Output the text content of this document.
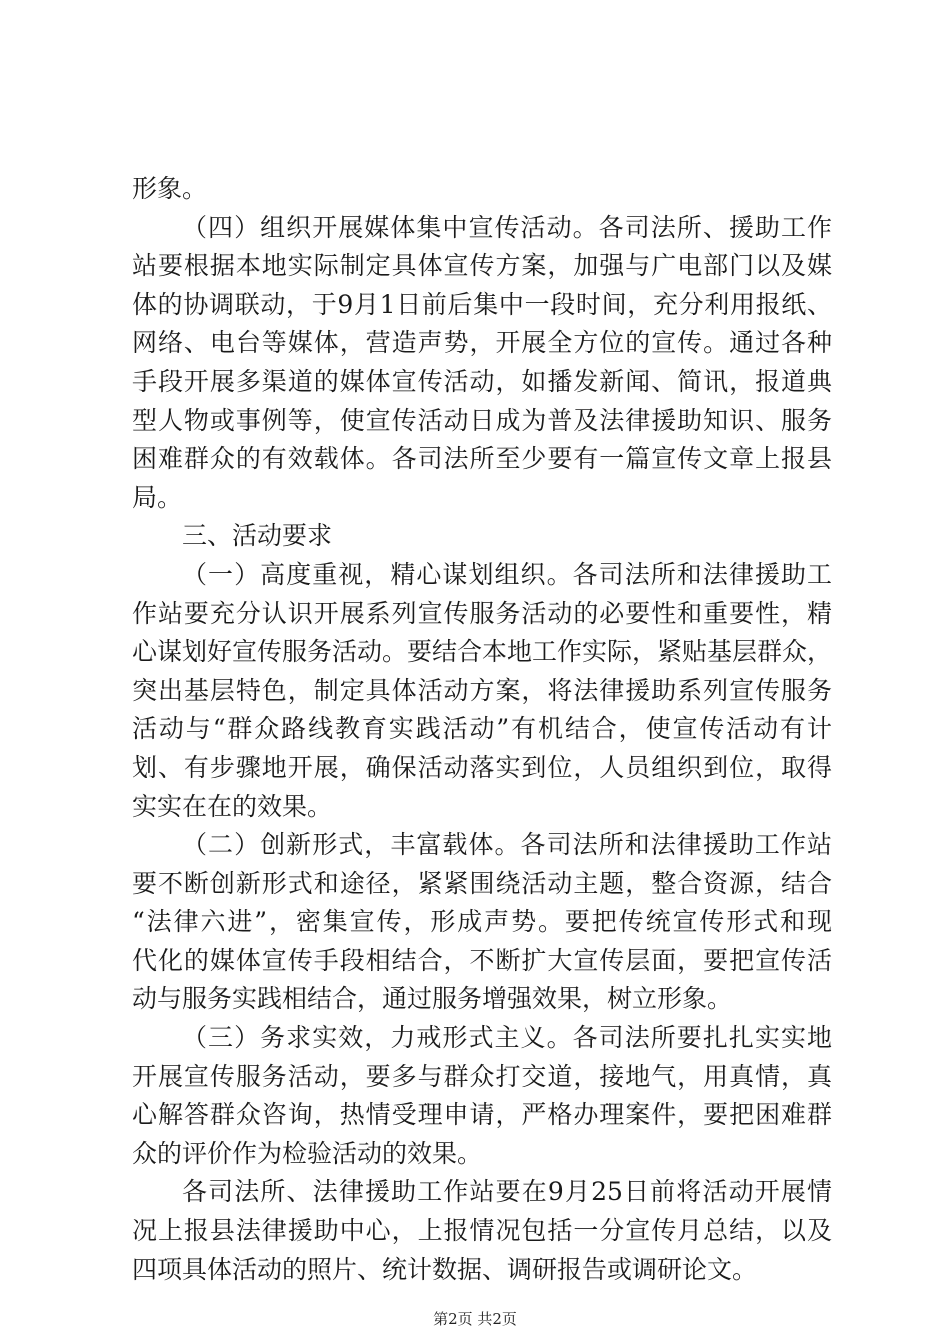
形象。
（四）组织开展媒体集中宣传活动。各司法所、援助工作
站要根据本地实际制定具体宣传方案，加强与广电部门以及媒
体的协调联动，于9月1日前后集中一段时间，充分利用报纸、
网络、电台等媒体，营造声势，开展全方位的宣传。通过各种
手段开展多渠道的媒体宣传活动，如播发新闻、简讯，报道典
型人物或事例等，使宣传活动日成为普及法律援助知识、服务
困难群众的有效载体。各司法所至少要有一篇宣传文章上报县
局。
三、活动要求
（一）高度重视，精心谋划组织。各司法所和法律援助工
作站要充分认识开展系列宣传服务活动的必要性和重要性，精
心谋划好宣传服务活动。要结合本地工作实际，紧贴基层群众，
突出基层特色，制定具体活动方案，将法律援助系列宣传服务
活动与“群众路线教育实践活动”有机结合，使宣传活动有计
划、有步骤地开展，确保活动落实到位，人员组织到位，取得
实实在在的效果。
（二）创新形式，丰富载体。各司法所和法律援助工作站
要不断创新形式和途径，紧紧围绕活动主题，整合资源，结合
“法律六进”，密集宣传，形成声势。要把传统宣传形式和现
代化的媒体宣传手段相结合，不断扩大宣传层面，要把宣传活
动与服务实践相结合，通过服务增强效果，树立形象。
（三）务求实效，力戒形式主义。各司法所要扎扎实实地
开展宣传服务活动，要多与群众打交道，接地气，用真情，真
心解答群众咨询，热情受理申请，严格办理案件，要把困难群
众的评价作为检验活动的效果。
各司法所、法律援助工作站要在9月25日前将活动开展情
况上报县法律援助中心，上报情况包括一分宣传月总结，以及
四项具体活动的照片、统计数据、调研报告或调研论文。
第2页 共2页
